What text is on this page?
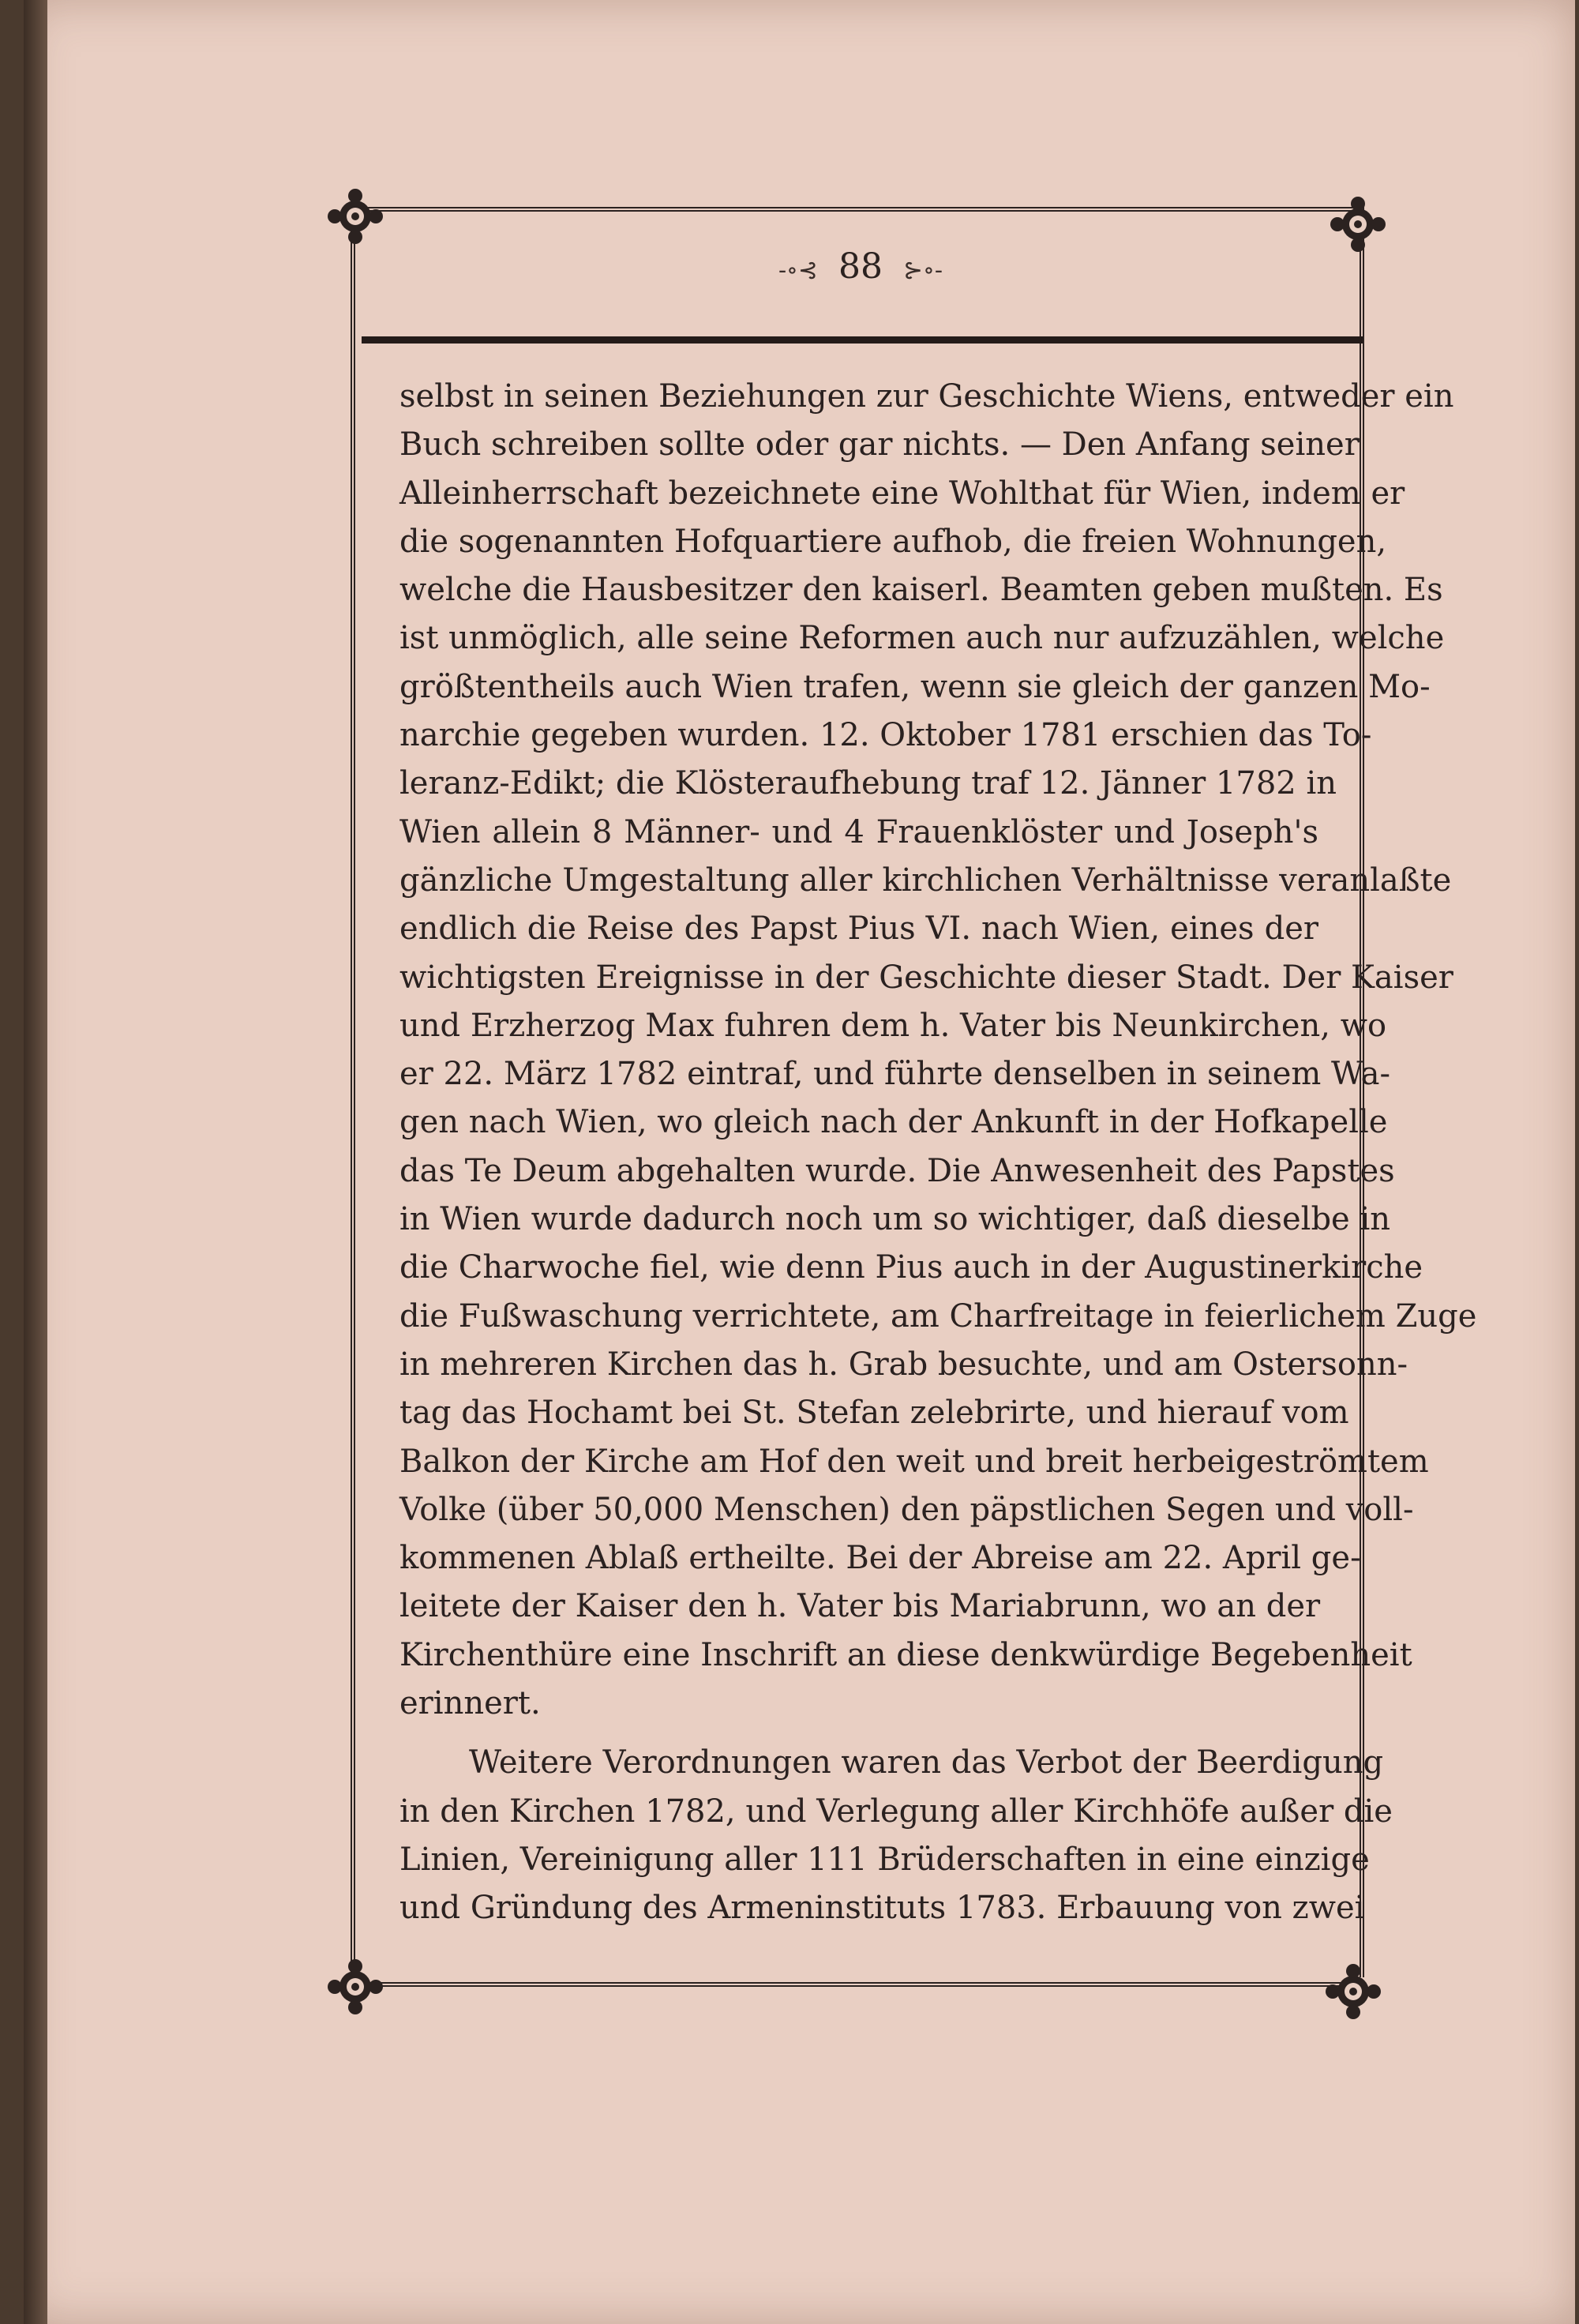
-∘⊰ 88 ⊱∘-
selbst in seinen Beziehungen zur Geschichte Wiens, entweder ein
Buch schreiben sollte oder gar nichts. — Den Anfang seiner
Alleinherrschaft bezeichnete eine Wohlthat für Wien, indem er
die sogenannten Hofquartiere aufhob, die freien Wohnungen,
welche die Hausbesitzer den kaiserl. Beamten geben mußten. Es
ist unmöglich, alle seine Reformen auch nur aufzuzählen, welche
größtentheils auch Wien trafen, wenn sie gleich der ganzen Mo-
narchie gegeben wurden. 12. Oktober 1781 erschien das To-
leranz-Edikt; die Klösteraufhebung traf 12. Jänner 1782 in
Wien allein 8 Männer- und 4 Frauenklöster und Joseph's
gänzliche Umgestaltung aller kirchlichen Verhältnisse veranlaßte
endlich die Reise des Papst Pius VI. nach Wien, eines der
wichtigsten Ereignisse in der Geschichte dieser Stadt. Der Kaiser
und Erzherzog Max fuhren dem h. Vater bis Neunkirchen, wo
er 22. März 1782 eintraf, und führte denselben in seinem Wa-
gen nach Wien, wo gleich nach der Ankunft in der Hofkapelle
das Te Deum abgehalten wurde. Die Anwesenheit des Papstes
in Wien wurde dadurch noch um so wichtiger, daß dieselbe in
die Charwoche fiel, wie denn Pius auch in der Augustinerkirche
die Fußwaschung verrichtete, am Charfreitage in feierlichem Zuge
in mehreren Kirchen das h. Grab besuchte, und am Ostersonn-
tag das Hochamt bei St. Stefan zelebrirte, und hierauf vom
Balkon der Kirche am Hof den weit und breit herbeigeströmtem
Volke (über 50,000 Menschen) den päpstlichen Segen und voll-
kommenen Ablaß ertheilte. Bei der Abreise am 22. April ge-
leitete der Kaiser den h. Vater bis Mariabrunn, wo an der
Kirchenthüre eine Inschrift an diese denkwürdige Begebenheit
erinnert.
Weitere Verordnungen waren das Verbot der Beerdigung
in den Kirchen 1782, und Verlegung aller Kirchhöfe außer die
Linien, Vereinigung aller 111 Brüderschaften in eine einzige
und Gründung des Armeninstituts 1783. Erbauung von zwei
